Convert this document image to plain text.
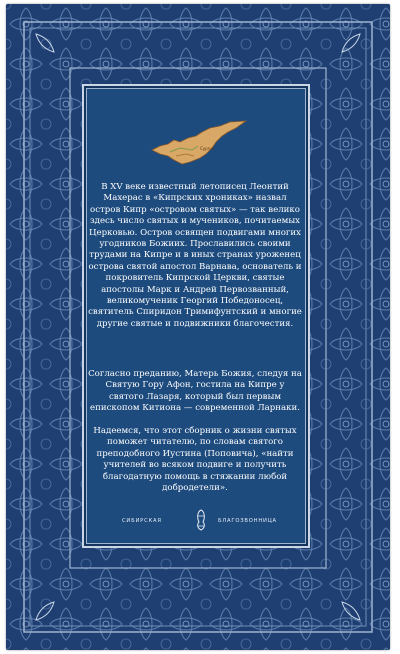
Cyprus
В XV веке известный летописец Леонтий Махерас в «Кипрских хрониках» назвал остров Кипр «островом святых» — так велико здесь число святых и мучеников, почитаемых Церковью. Остров освящен подвигами многих угодников Божиих. Прославились своими трудами на Кипре и в иных странах уроженец острова святой апостол Варнава, основатель и покровитель Кипрской Церкви, святые апостолы Марк и Андрей Первозванный, великомученик Георгий Победоносец, святитель Спиридон Тримифунтский и многие другие святые и подвижники благочестия.
Согласно преданию, Матерь Божия, следуя на Святую Гору Афон, гостила на Кипре у святого Лазаря, который был первым епископом Китиона — современной Ларнаки.
Надеемся, что этот сборник о жизни святых поможет читателю, по словам святого преподобного Иустина (Поповича), «найти учителей во всяком подвиге и получить благодатную помощь в стяжании любой добродетели».
СИБИРСКАЯ	БЛАГОЗВОННИЦА
